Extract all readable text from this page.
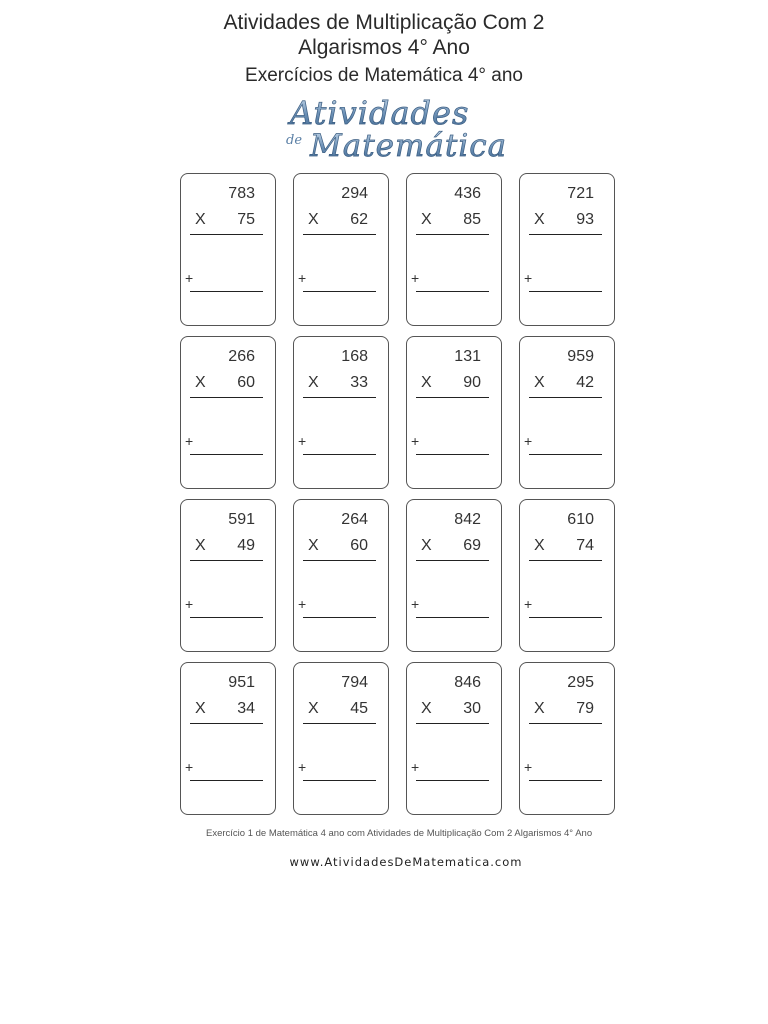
Atividades de Multiplicação Com 2
Algarismos 4° Ano
Exercícios de Matemática 4° ano
Atividades
de Matemática
783
X 75
+
294
X 62
+
436
X 85
+
721
X 93
+
266
X 60
+
168
X 33
+
131
X 90
+
959
X 42
+
591
X 49
+
264
X 60
+
842
X 69
+
610
X 74
+
951
X 34
+
794
X 45
+
846
X 30
+
295
X 79
+
Exercício 1 de Matemática 4 ano com Atividades de Multiplicação Com 2 Algarismos 4° Ano
www.AtividadesDeMatematica.com
